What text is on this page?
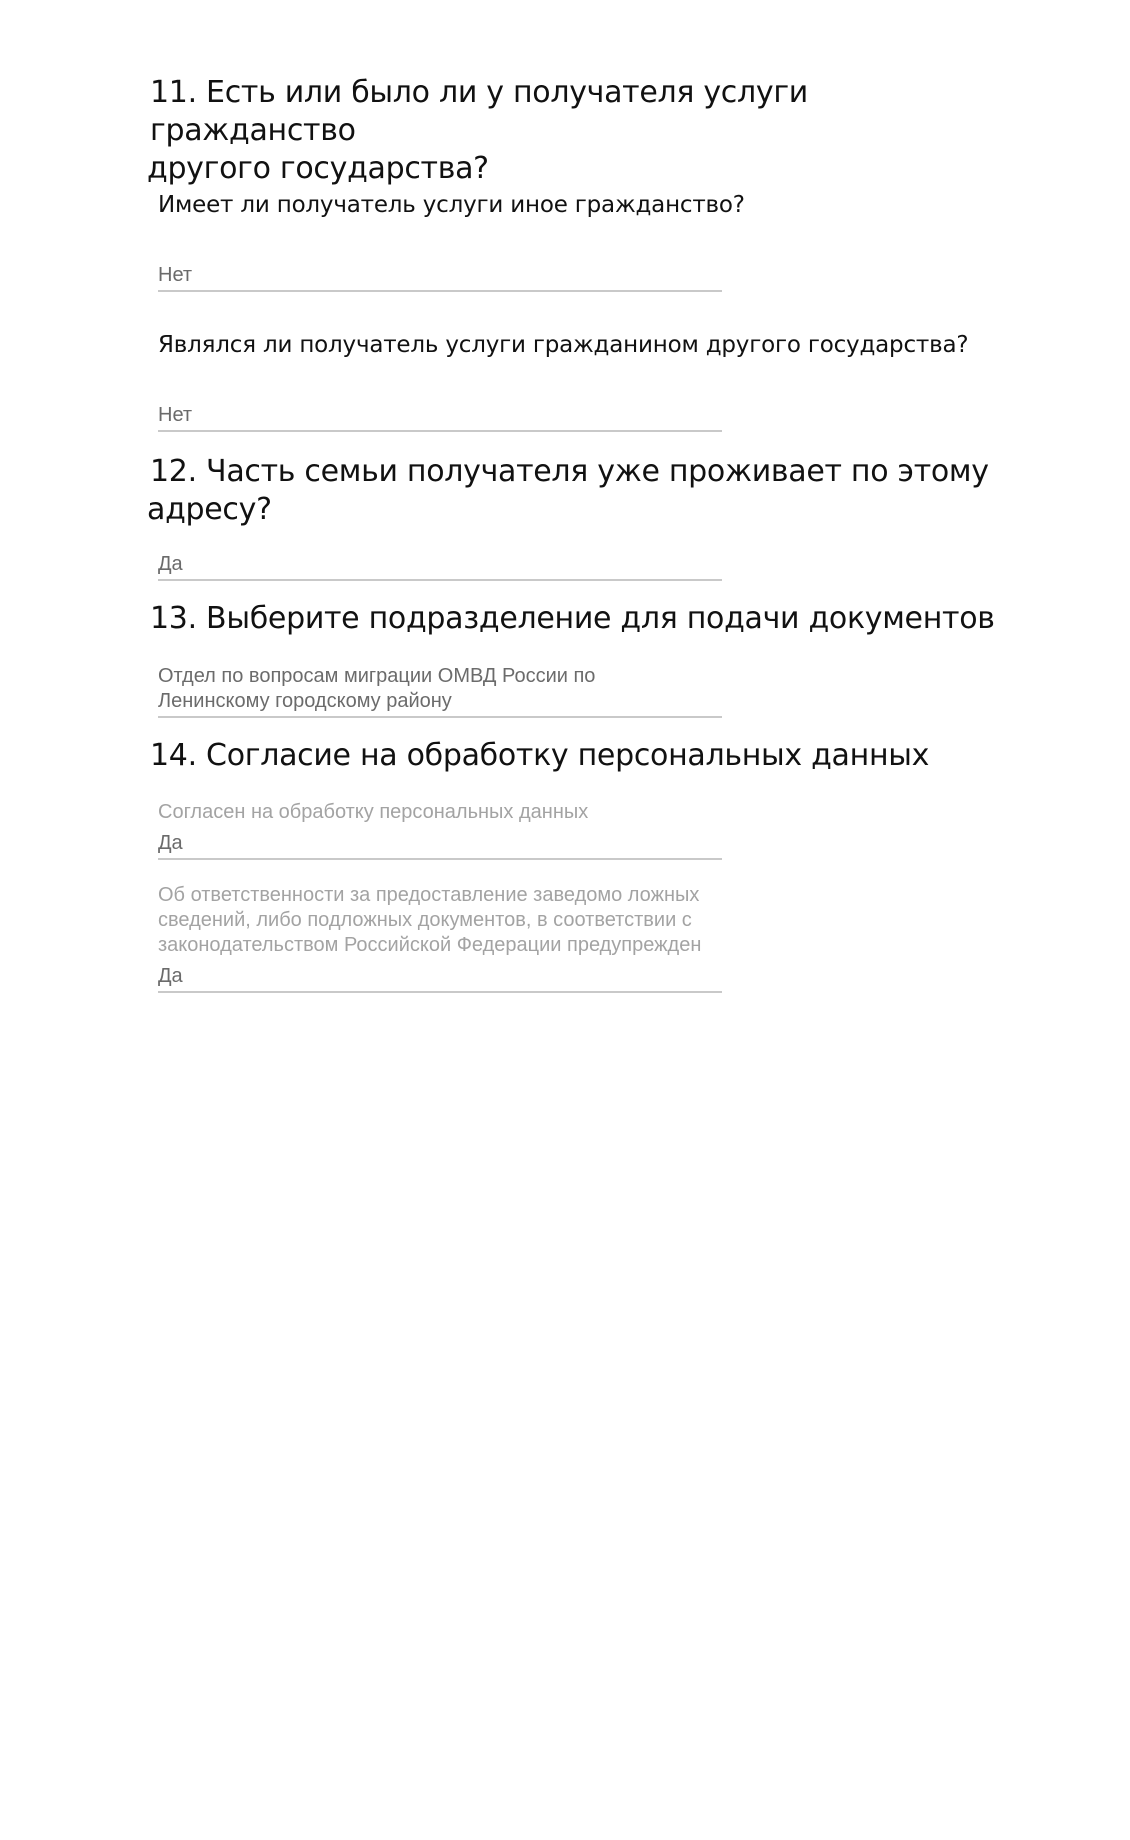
11. Есть или было ли у получателя услуги гражданство
другого государства?

Имеет ли получатель услуги иное гражданство?

Нет

Являлся ли получатель услуги гражданином другого государства?

Нет
12. Часть семьи получателя уже проживает по этому
адресу?
Да
13. Выберите подразделение для подачи документов
Отдел по вопросам миграции ОМВД России по
Ленинскому городскому району
14. Согласие на обработку персональных данных
Согласен на обработку персональных данных
Да
Об ответственности за предоставление заведомо ложных
сведений, либо подложных документов, в соответствии с
законодательством Российской Федерации предупрежден
Да
